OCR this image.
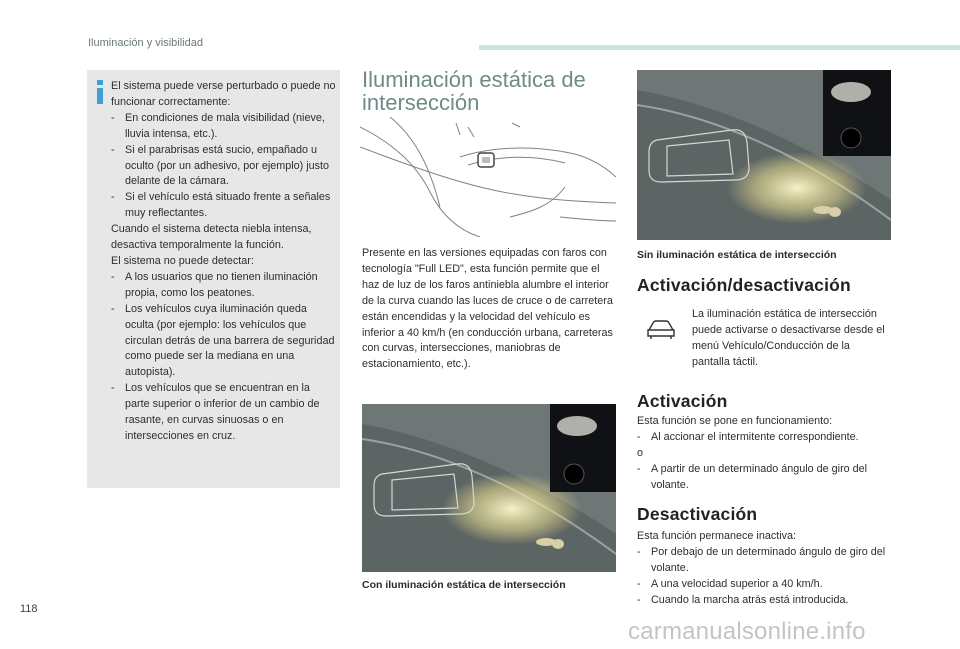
Iluminación y visibilidad

El sistema puede verse perturbado o puede no funcionar correctamente:

- En condiciones de mala visibilidad (nieve, lluvia intensa, etc.).

- Si el parabrisas está sucio, empañado u oculto (por un adhesivo, por ejemplo) justo delante de la cámara.

- Si el vehículo está situado frente a señales muy reflectantes.

Cuando el sistema detecta niebla intensa, desactiva temporalmente la función.

El sistema no puede detectar:

- A los usuarios que no tienen iluminación propia, como los peatones.

- Los vehículos cuya iluminación queda oculta (por ejemplo: los vehículos que circulan detrás de una barrera de seguridad como puede ser la mediana en una autopista).

- Los vehículos que se encuentran en la parte superior o inferior de un cambio de rasante, en curvas sinuosas o en intersecciones en cruz.

Iluminación estática de intersección
Presente en las versiones equipadas con faros con tecnología "Full LED", esta función permite que el haz de luz de los faros antiniebla alumbre el interior de la curva cuando las luces de cruce o de carretera están encendidas y la velocidad del vehículo es inferior a 40 km/h (en conducción urbana, carreteras con curvas, intersecciones, maniobras de estacionamiento, etc.).
Con iluminación estática de intersección
Sin iluminación estática de intersección
Activación/desactivación
La iluminación estática de intersección puede activarse o desactivarse desde el menú Vehículo/Conducción de la pantalla táctil.
Activación

Esta función se pone en funcionamiento:

- Al accionar el intermitente correspondiente.

o

- A partir de un determinado ángulo de giro del volante.

Desactivación

Esta función permanece inactiva:

- Por debajo de un determinado ángulo de giro del volante.

- A una velocidad superior a 40 km/h.

- Cuando la marcha atrás está introducida.

118
carmanualsonline.info
